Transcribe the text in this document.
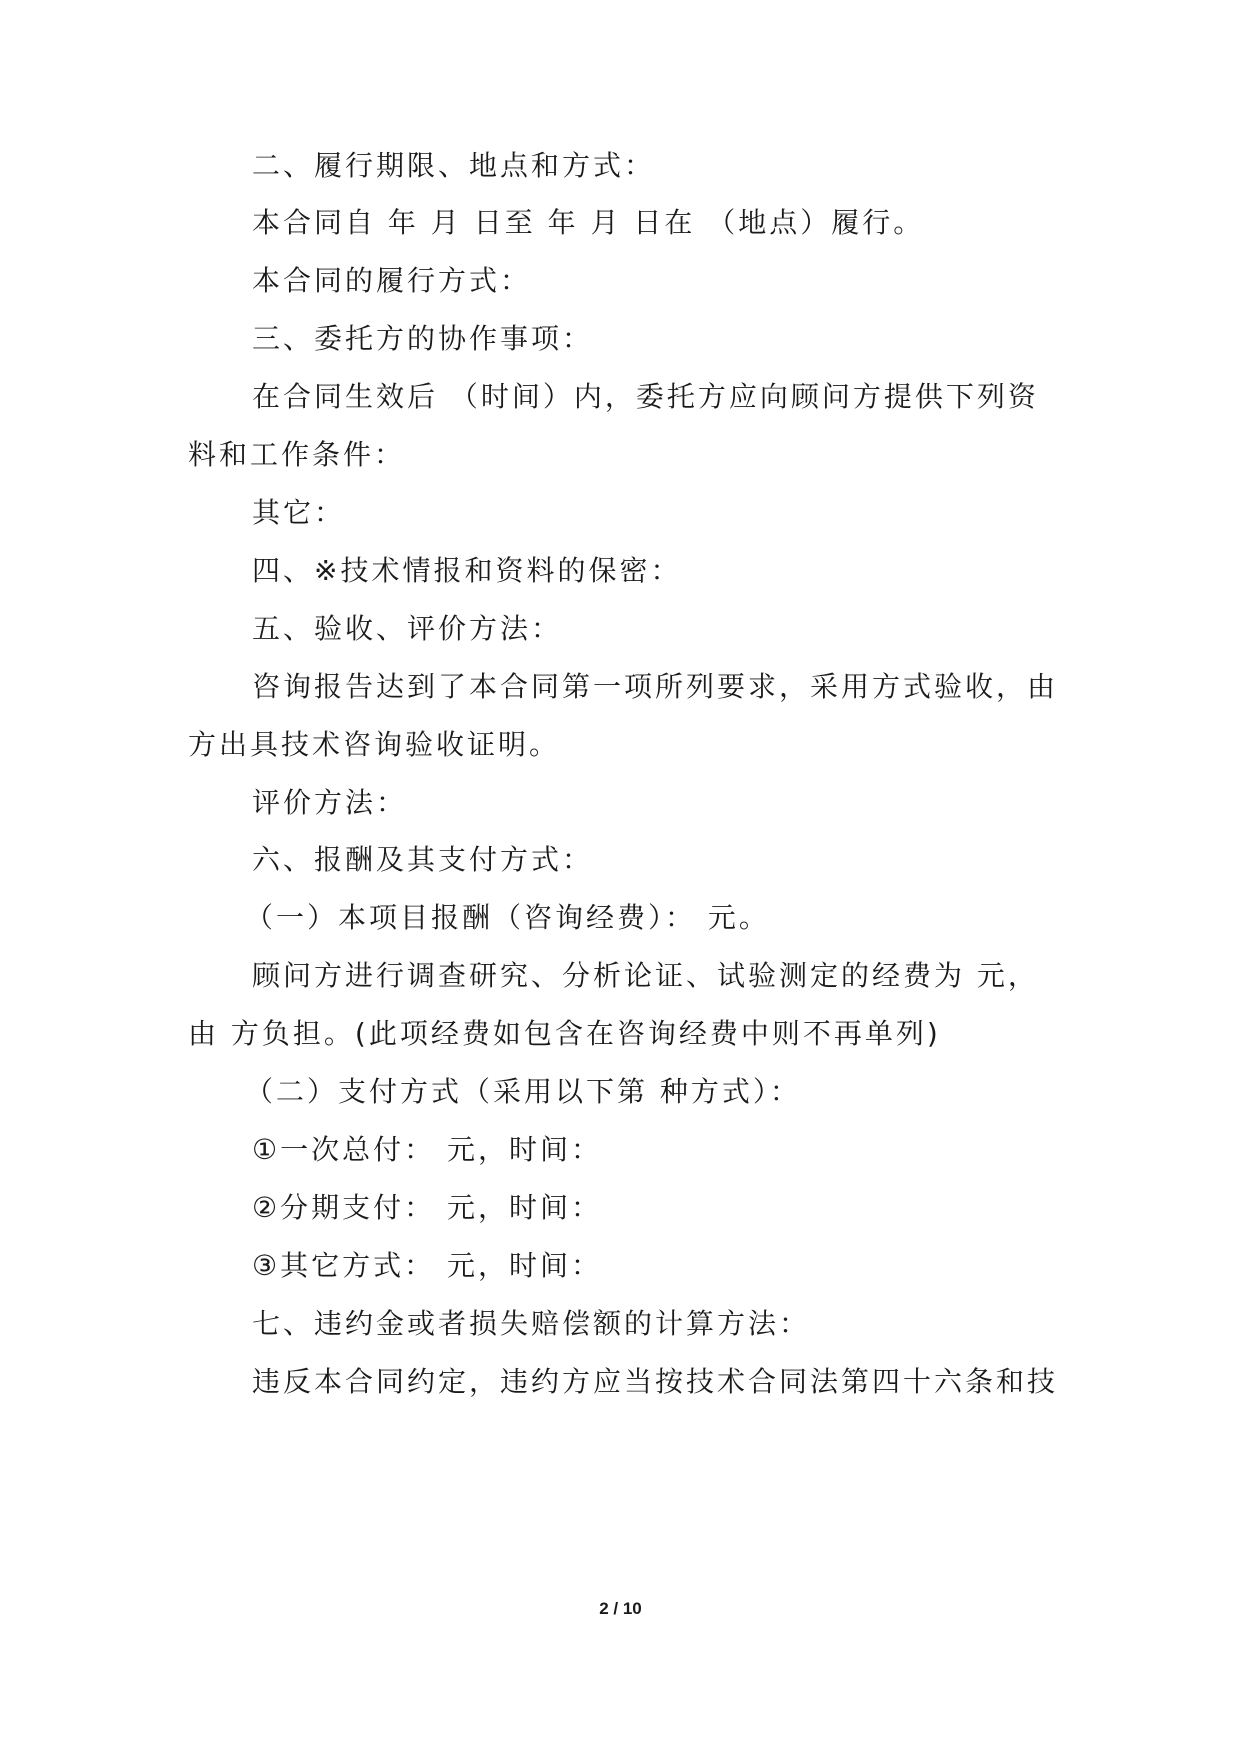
二、履行期限、地点和方式：
本合同自 年 月 日至 年 月 日在 （地点）履行。
本合同的履行方式：
三、委托方的协作事项：
在合同生效后 （时间）内，委托方应向顾问方提供下列资
料和工作条件：
其它：
四、※技术情报和资料的保密：
五、验收、评价方法：
咨询报告达到了本合同第一项所列要求，采用方式验收，由
方出具技术咨询验收证明。
评价方法：
六、报酬及其支付方式：
（一）本项目报酬（咨询经费）： 元。
顾问方进行调查研究、分析论证、试验测定的经费为 元，
由 方负担。(此项经费如包含在咨询经费中则不再单列)
（二）支付方式（采用以下第 种方式）：
①一次总付： 元，时间：
②分期支付： 元，时间：
③其它方式： 元，时间：
七、违约金或者损失赔偿额的计算方法：
违反本合同约定，违约方应当按技术合同法第四十六条和技
2 / 10
